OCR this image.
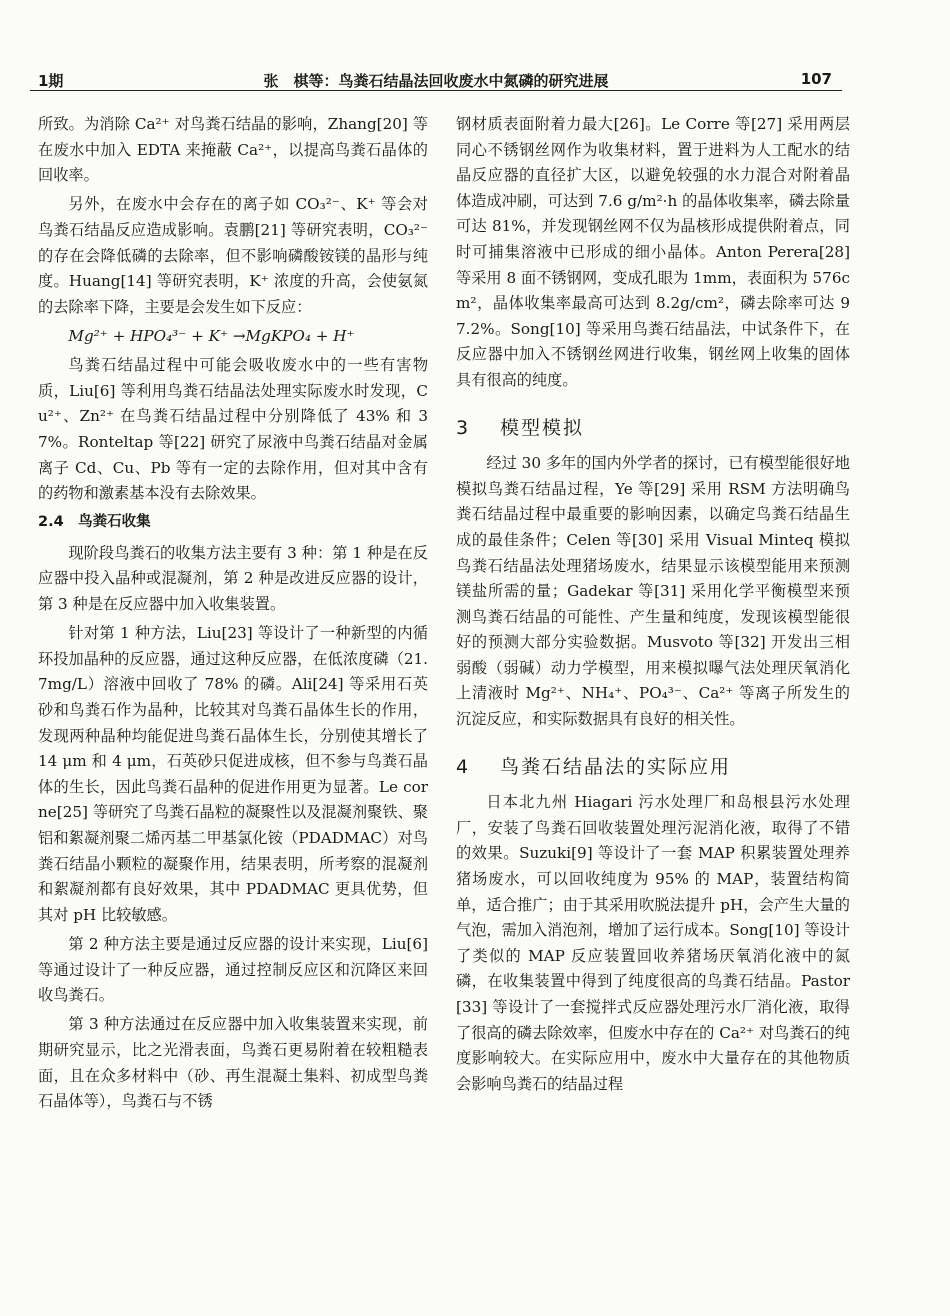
1期	张　棋等：鸟粪石结晶法回收废水中氮磷的研究进展	107

所致。为消除 Ca²⁺ 对鸟粪石结晶的影响，Zhang[20] 等在废水中加入 EDTA 来掩蔽 Ca²⁺，以提高鸟粪石晶体的回收率。

另外，在废水中会存在的离子如 CO₃²⁻、K⁺ 等会对鸟粪石结晶反应造成影响。袁鹏[21] 等研究表明，CO₃²⁻ 的存在会降低磷的去除率，但不影响磷酸铵镁的晶形与纯度。Huang[14] 等研究表明，K⁺ 浓度的升高，会使氨氮的去除率下降，主要是会发生如下反应：

Mg²⁺ + HPO₄³⁻ + K⁺ →MgKPO₄ + H⁺

鸟粪石结晶过程中可能会吸收废水中的一些有害物质，Liu[6] 等利用鸟粪石结晶法处理实际废水时发现，Cu²⁺、Zn²⁺ 在鸟粪石结晶过程中分别降低了 43% 和 37%。Ronteltap 等[22] 研究了尿液中鸟粪石结晶对金属离子 Cd、Cu、Pb 等有一定的去除作用，但对其中含有的药物和激素基本没有去除效果。

2.4　鸟粪石收集

现阶段鸟粪石的收集方法主要有 3 种：第 1 种是在反应器中投入晶种或混凝剂，第 2 种是改进反应器的设计，第 3 种是在反应器中加入收集装置。

针对第 1 种方法，Liu[23] 等设计了一种新型的内循环投加晶种的反应器，通过这种反应器，在低浓度磷（21.7mg/L）溶液中回收了 78% 的磷。Ali[24] 等采用石英砂和鸟粪石作为晶种，比较其对鸟粪石晶体生长的作用，发现两种晶种均能促进鸟粪石晶体生长，分别使其增长了 14 μm 和 4 μm，石英砂只促进成核，但不参与鸟粪石晶体的生长，因此鸟粪石晶种的促进作用更为显著。Le corne[25] 等研究了鸟粪石晶粒的凝聚性以及混凝剂聚铁、聚铝和絮凝剂聚二烯丙基二甲基氯化铵（PDADMAC）对鸟粪石结晶小颗粒的凝聚作用，结果表明，所考察的混凝剂和絮凝剂都有良好效果，其中 PDADMAC 更具优势，但其对 pH 比较敏感。

第 2 种方法主要是通过反应器的设计来实现，Liu[6] 等通过设计了一种反应器，通过控制反应区和沉降区来回收鸟粪石。

第 3 种方法通过在反应器中加入收集装置来实现，前期研究显示，比之光滑表面，鸟粪石更易附着在较粗糙表面，且在众多材料中（砂、再生混凝土集料、初成型鸟粪石晶体等），鸟粪石与不锈

钢材质表面附着力最大[26]。Le Corre 等[27] 采用两层同心不锈钢丝网作为收集材料，置于进料为人工配水的结晶反应器的直径扩大区，以避免较强的水力混合对附着晶体造成冲刷，可达到 7.6 g/m²·h 的晶体收集率，磷去除量可达 81%，并发现钢丝网不仅为晶核形成提供附着点，同时可捕集溶液中已形成的细小晶体。Anton Perera[28] 等采用 8 面不锈钢网，变成孔眼为 1mm，表面积为 576cm²，晶体收集率最高可达到 8.2g/cm²，磷去除率可达 97.2%。Song[10] 等采用鸟粪石结晶法，中试条件下，在反应器中加入不锈钢丝网进行收集，钢丝网上收集的固体具有很高的纯度。

3 模型模拟

经过 30 多年的国内外学者的探讨，已有模型能很好地模拟鸟粪石结晶过程，Ye 等[29] 采用 RSM 方法明确鸟粪石结晶过程中最重要的影响因素，以确定鸟粪石结晶生成的最佳条件；Celen 等[30] 采用 Visual Minteq 模拟鸟粪石结晶法处理猪场废水，结果显示该模型能用来预测镁盐所需的量；Gadekar 等[31] 采用化学平衡模型来预测鸟粪石结晶的可能性、产生量和纯度，发现该模型能很好的预测大部分实验数据。Musvoto 等[32] 开发出三相弱酸（弱碱）动力学模型，用来模拟曝气法处理厌氧消化上清液时 Mg²⁺、NH₄⁺、PO₄³⁻、Ca²⁺ 等离子所发生的沉淀反应，和实际数据具有良好的相关性。

4 鸟粪石结晶法的实际应用

日本北九州 Hiagari 污水处理厂和岛根县污水处理厂，安装了鸟粪石回收装置处理污泥消化液，取得了不错的效果。Suzuki[9] 等设计了一套 MAP 积累装置处理养猪场废水，可以回收纯度为 95% 的 MAP，装置结构简单，适合推广；由于其采用吹脱法提升 pH，会产生大量的气泡，需加入消泡剂，增加了运行成本。Song[10] 等设计了类似的 MAP 反应装置回收养猪场厌氧消化液中的氮磷，在收集装置中得到了纯度很高的鸟粪石结晶。Pastor[33] 等设计了一套搅拌式反应器处理污水厂消化液，取得了很高的磷去除效率，但废水中存在的 Ca²⁺ 对鸟粪石的纯度影响较大。在实际应用中，废水中大量存在的其他物质会影响鸟粪石的结晶过程
